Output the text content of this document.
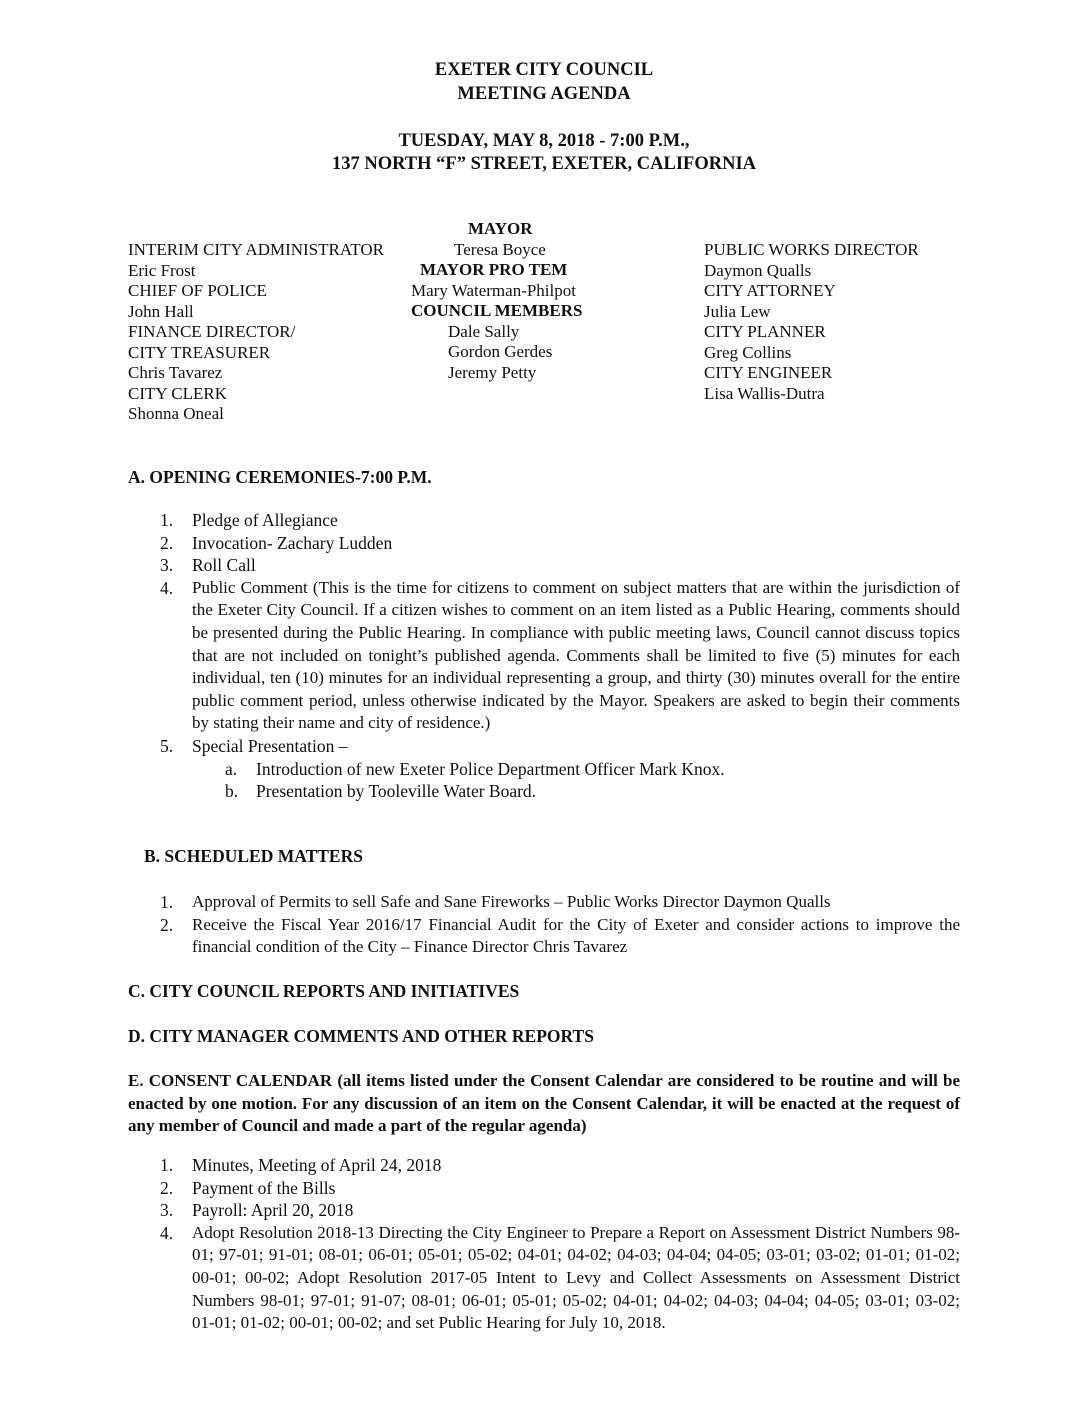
EXETER CITY COUNCIL
MEETING AGENDA
TUESDAY, MAY 8, 2018 - 7:00 P.M.,
137 NORTH “F” STREET, EXETER, CALIFORNIA
INTERIM CITY ADMINISTRATOR
Eric Frost
CHIEF OF POLICE
John Hall
FINANCE DIRECTOR/
CITY TREASURER
Chris Tavarez
CITY CLERK
Shonna Oneal
MAYOR
Teresa Boyce
MAYOR PRO TEM
Mary Waterman-Philpot
COUNCIL MEMBERS
Dale Sally
Gordon Gerdes
Jeremy Petty
PUBLIC WORKS DIRECTOR
Daymon Qualls
CITY ATTORNEY
Julia Lew
CITY PLANNER
Greg Collins
CITY ENGINEER
Lisa Wallis-Dutra
A. OPENING CEREMONIES-7:00 P.M.
1. Pledge of Allegiance
2. Invocation- Zachary Ludden
3. Roll Call
4. Public Comment (This is the time for citizens to comment on subject matters that are within the jurisdiction of the Exeter City Council. If a citizen wishes to comment on an item listed as a Public Hearing, comments should be presented during the Public Hearing. In compliance with public meeting laws, Council cannot discuss topics that are not included on tonight’s published agenda. Comments shall be limited to five (5) minutes for each individual, ten (10) minutes for an individual representing a group, and thirty (30) minutes overall for the entire public comment period, unless otherwise indicated by the Mayor. Speakers are asked to begin their comments by stating their name and city of residence.)
5. Special Presentation –
a. Introduction of new Exeter Police Department Officer Mark Knox.
b. Presentation by Tooleville Water Board.
B. SCHEDULED MATTERS
1. Approval of Permits to sell Safe and Sane Fireworks – Public Works Director Daymon Qualls
2. Receive the Fiscal Year 2016/17 Financial Audit for the City of Exeter and consider actions to improve the financial condition of the City – Finance Director Chris Tavarez
C. CITY COUNCIL REPORTS AND INITIATIVES
D. CITY MANAGER COMMENTS AND OTHER REPORTS
E. CONSENT CALENDAR (all items listed under the Consent Calendar are considered to be routine and will be enacted by one motion. For any discussion of an item on the Consent Calendar, it will be enacted at the request of any member of Council and made a part of the regular agenda)
1. Minutes, Meeting of April 24, 2018
2. Payment of the Bills
3. Payroll: April 20, 2018
4. Adopt Resolution 2018-13 Directing the City Engineer to Prepare a Report on Assessment District Numbers 98-01; 97-01; 91-01; 08-01; 06-01; 05-01; 05-02; 04-01; 04-02; 04-03; 04-04; 04-05; 03-01; 03-02; 01-01; 01-02; 00-01; 00-02; Adopt Resolution 2017-05 Intent to Levy and Collect Assessments on Assessment District Numbers 98-01; 97-01; 91-07; 08-01; 06-01; 05-01; 05-02; 04-01; 04-02; 04-03; 04-04; 04-05; 03-01; 03-02; 01-01; 01-02; 00-01; 00-02; and set Public Hearing for July 10, 2018.
